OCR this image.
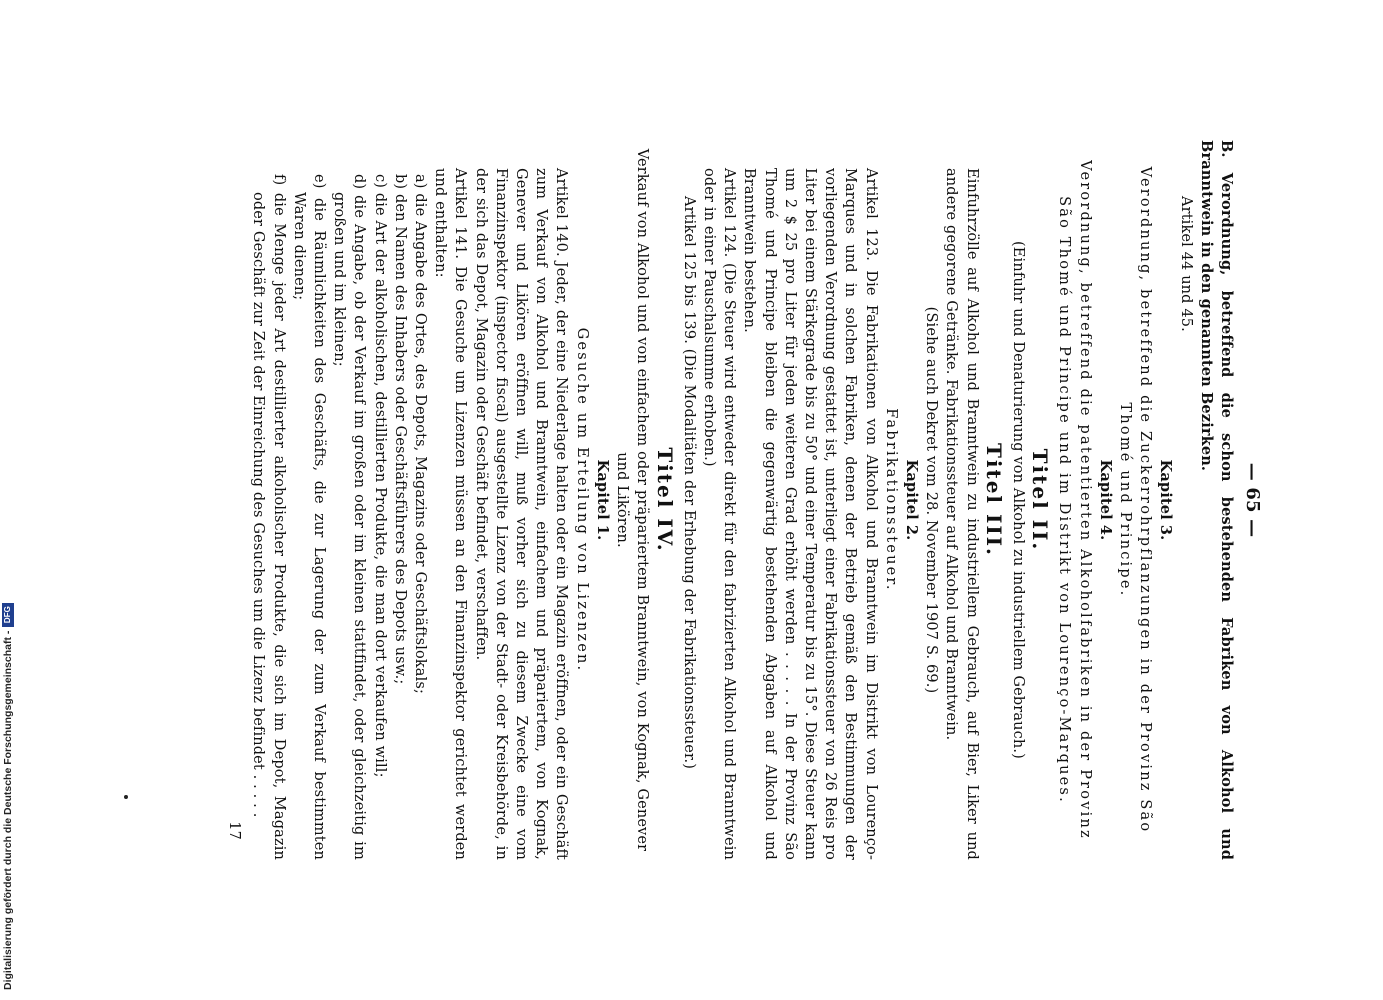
— 65 —

B. Verordnung, betreffend die schon bestehenden Fabriken von Alkohol und Branntwein in den genannten Bezirken.

Artikel 44 und 45.

Kapitel 3.

Verordnung, betreffend die Zuckerrohrpflanzungen in der Provinz São Thomé und Principe.

Kapitel 4.

Verordnung, betreffend die patentierten Alkoholfabriken in der Provinz São Thomé und Principe und im Distrikt von Lourenço-Marques.

Titel II.

(Einfuhr und Denaturierung von Alkohol zu industriellem Gebrauch.)

Titel III.

Einfuhrzölle auf Alkohol und Branntwein zu industriellem Gebrauch, auf Bier, Liker und andere gegorene Getränke. Fabrikationssteuer auf Alkohol und Branntwein.

(Siehe auch Dekret vom 28. November 1907 S. 69.)

Kapitel 2.

Fabrikationssteuer.

Artikel 123. Die Fabrikationen von Alkohol und Branntwein im Distrikt von Lourenço-Marques und in solchen Fabriken, denen der Betrieb gemäß den Bestimmungen der vorliegenden Verordnung gestattet ist, unterliegt einer Fabrikationssteuer von 26 Reis pro Liter bei einem Stärkegrade bis zu 50° und einer Temperatur bis zu 15°. Diese Steuer kann um 2 $ 25 pro Liter für jeden weiteren Grad erhöht werden . . . . . In der Provinz São Thomé und Principe bleiben die gegenwärtig bestehenden Abgaben auf Alkohol und Branntwein bestehen.

Artikel 124. (Die Steuer wird entweder direkt für den fabrizierten Alkohol und Branntwein oder in einer Pauschalsumme erhoben.)

Artikel 125 bis 139. (Die Modalitäten der Erhebung der Fabrikationssteuer.)

Titel IV.

Verkauf von Alkohol und von einfachem oder präpariertem Branntwein, von Kognak, Genever und Likören.

Kapitel 1.

Gesuche um Erteilung von Lizenzen.

Artikel 140. Jeder, der eine Niederlage halten oder ein Magazin eröffnen, oder ein Geschäft zum Verkauf von Alkohol und Branntwein, einfachem und präpariertem, von Kognak, Genever und Likören eröffnen will, muß vorher sich zu diesem Zwecke eine vom Finanzinspektor (inspector fiscal) ausgestellte Lizenz von der Stadt- oder Kreisbehörde, in der sich das Depot, Magazin oder Geschäft befindet, verschaffen.

Artikel 141. Die Gesuche um Lizenzen müssen an den Finanzinspektor gerichtet werden und enthalten:

a) die Angabe des Ortes, des Depots, Magazins oder Geschäftslokals;

b) den Namen des Inhabers oder Geschäftsführers des Depots usw.;

c) die Art der alkoholischen, destillierten Produkte, die man dort verkaufen will;

d) die Angabe, ob der Verkauf im großen oder im kleinen stattfindet, oder gleichzeitig im großen und im kleinen;

e) die Räumlichkeiten des Geschäfts, die zur Lagerung der zum Verkauf bestimmten Waren dienen;

f) die Menge jeder Art destillierter alkoholischer Produkte, die sich im Depot, Magazin oder Geschäft zur Zeit der Einreichung des Gesuches um die Lizenz befindet . . . . .

17
Digitalisierung gefördert durch die Deutsche Forschungsgemeinschaft -
DFG
